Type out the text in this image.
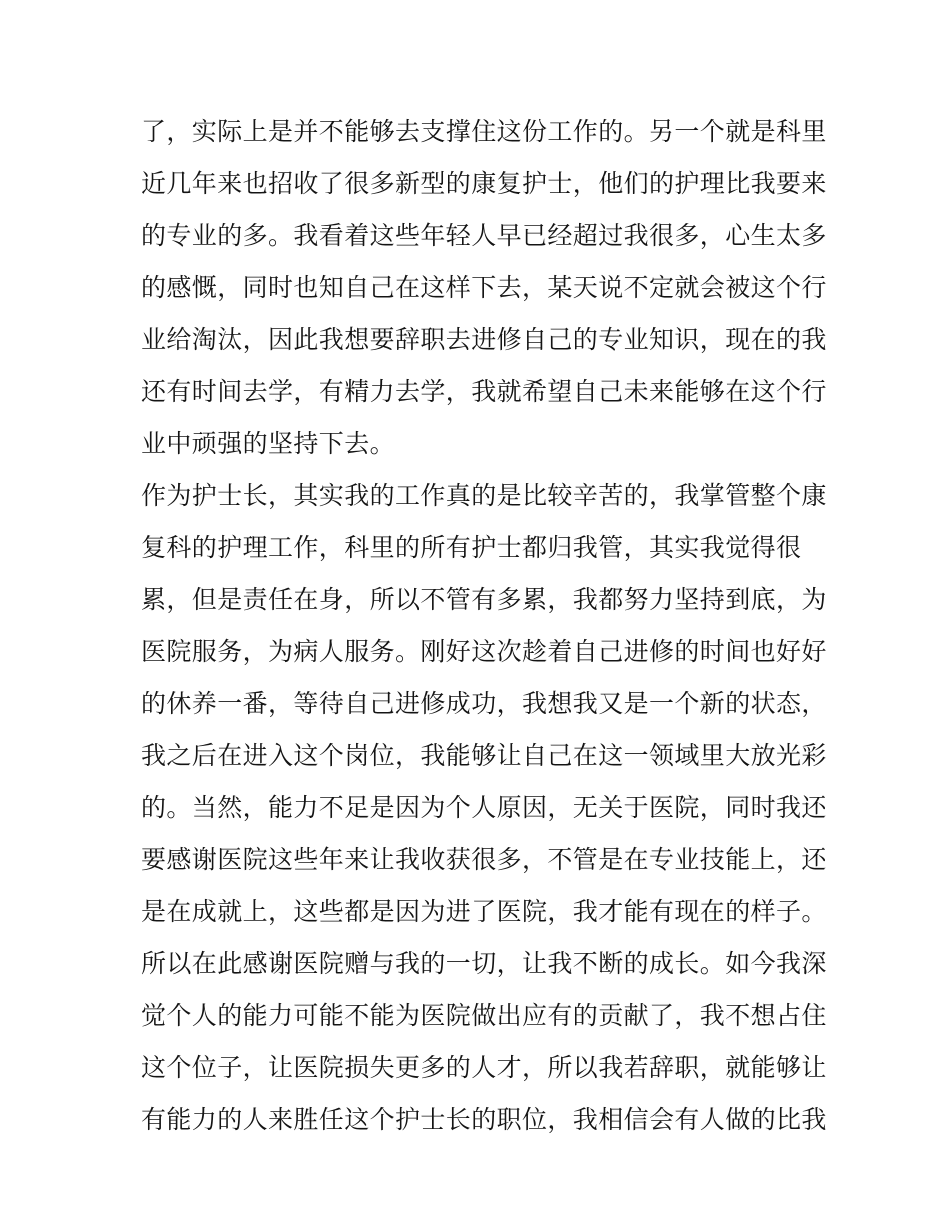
了，实际上是并不能够去支撑住这份工作的。另一个就是科里
近几年来也招收了很多新型的康复护士，他们的护理比我要来
的专业的多。我看着这些年轻人早已经超过我很多，心生太多
的感慨，同时也知自己在这样下去，某天说不定就会被这个行
业给淘汰，因此我想要辞职去进修自己的专业知识，现在的我
还有时间去学，有精力去学，我就希望自己未来能够在这个行
业中顽强的坚持下去。
作为护士长，其实我的工作真的是比较辛苦的，我掌管整个康
复科的护理工作，科里的所有护士都归我管，其实我觉得很
累，但是责任在身，所以不管有多累，我都努力坚持到底，为
医院服务，为病人服务。刚好这次趁着自己进修的时间也好好
的休养一番，等待自己进修成功，我想我又是一个新的状态，
我之后在进入这个岗位，我能够让自己在这一领域里大放光彩
的。当然，能力不足是因为个人原因，无关于医院，同时我还
要感谢医院这些年来让我收获很多，不管是在专业技能上，还
是在成就上，这些都是因为进了医院，我才能有现在的样子。
所以在此感谢医院赠与我的一切，让我不断的成长。如今我深
觉个人的能力可能不能为医院做出应有的贡献了，我不想占住
这个位子，让医院损失更多的人才，所以我若辞职，就能够让
有能力的人来胜任这个护士长的职位，我相信会有人做的比我
